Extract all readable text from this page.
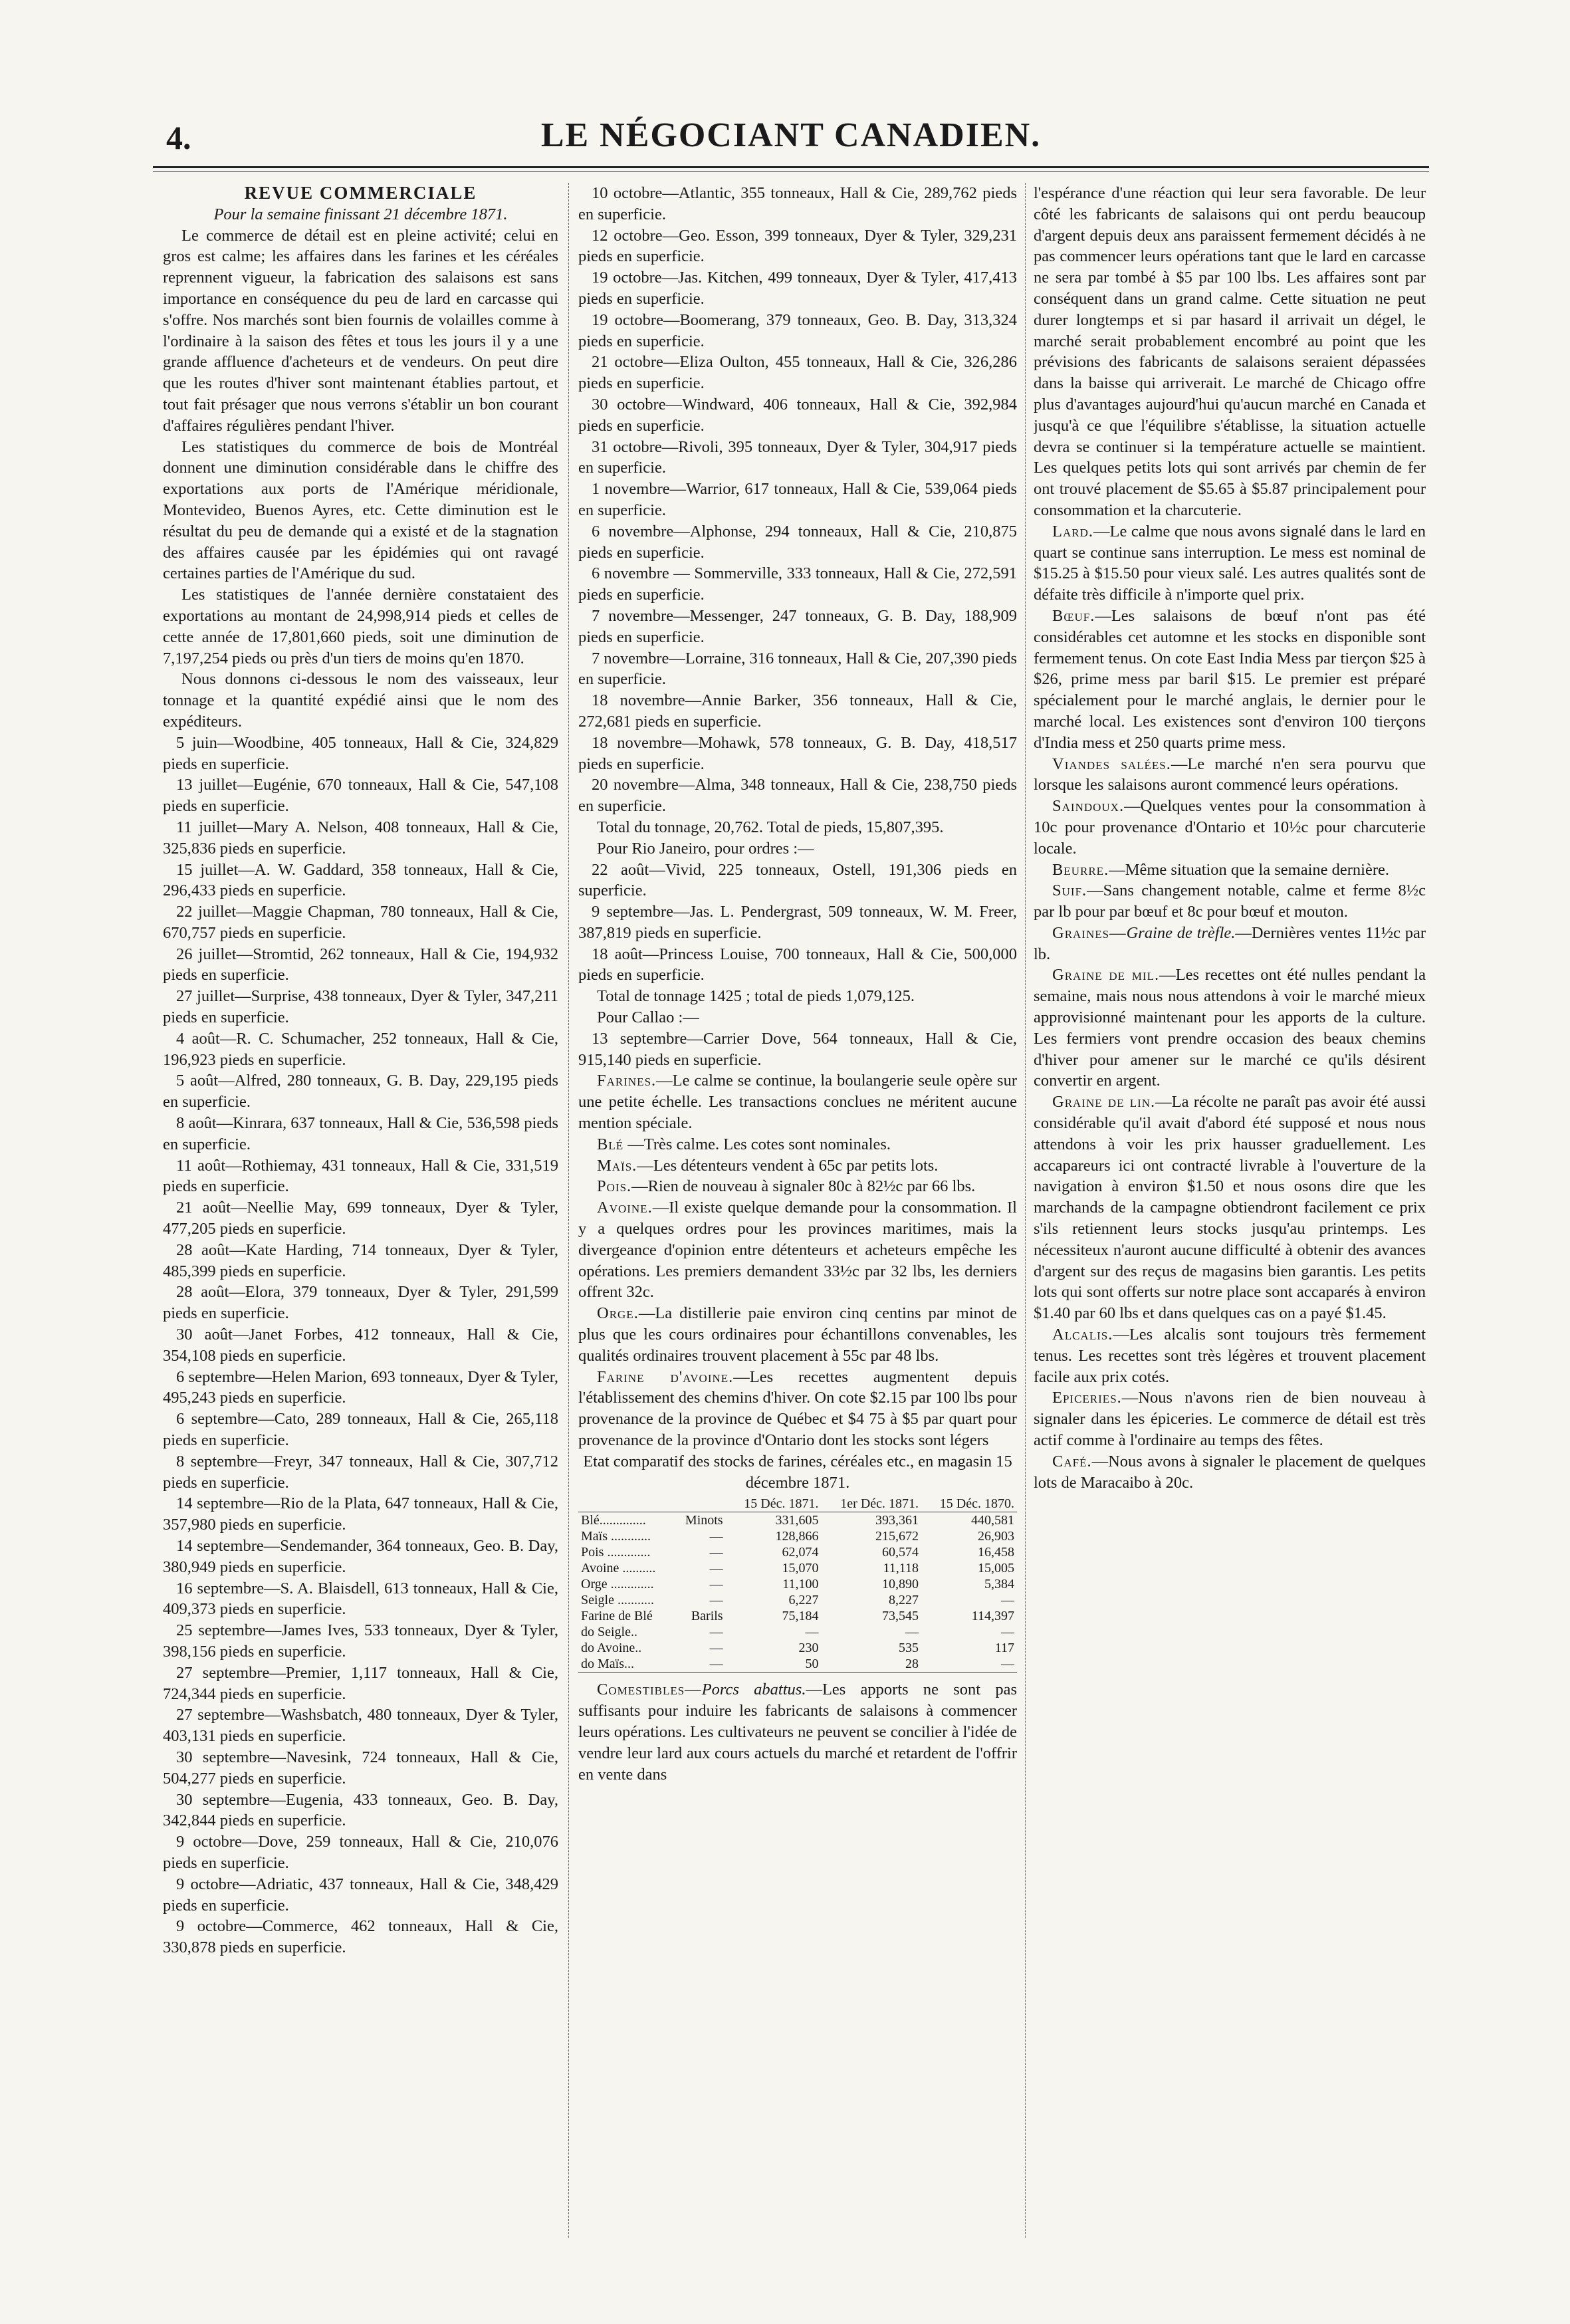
4.	LE NÉGOCIANT CANADIEN.
REVUE COMMERCIALE

Pour la semaine finissant 21 décembre 1871.

Le commerce de détail est en pleine activité; celui en gros est calme; les affaires dans les farines et les céréales reprennent vigueur, la fabrication des salaisons est sans importance en conséquence du peu de lard en carcasse qui s'offre. Nos marchés sont bien fournis de volailles comme à l'ordinaire à la saison des fêtes et tous les jours il y a une grande affluence d'acheteurs et de vendeurs. On peut dire que les routes d'hiver sont maintenant établies partout, et tout fait présager que nous verrons s'établir un bon courant d'affaires régulières pendant l'hiver.

Les statistiques du commerce de bois de Montréal donnent une diminution considérable dans le chiffre des exportations aux ports de l'Amérique méridionale, Montevideo, Buenos Ayres, etc. Cette diminution est le résultat du peu de demande qui a existé et de la stagnation des affaires causée par les épidémies qui ont ravagé certaines parties de l'Amérique du sud.

Les statistiques de l'année dernière constataient des exportations au montant de 24,998,914 pieds et celles de cette année de 17,801,660 pieds, soit une diminution de 7,197,254 pieds ou près d'un tiers de moins qu'en 1870.

Nous donnons ci-dessous le nom des vaisseaux, leur tonnage et la quantité expédié ainsi que le nom des expéditeurs.

5 juin—Woodbine, 405 tonneaux, Hall & Cie, 324,829 pieds en superficie.

13 juillet—Eugénie, 670 tonneaux, Hall & Cie, 547,108 pieds en superficie.

11 juillet—Mary A. Nelson, 408 tonneaux, Hall & Cie, 325,836 pieds en superficie.

15 juillet—A. W. Gaddard, 358 tonneaux, Hall & Cie, 296,433 pieds en superficie.

22 juillet—Maggie Chapman, 780 tonneaux, Hall & Cie, 670,757 pieds en superficie.

26 juillet—Stromtid, 262 tonneaux, Hall & Cie, 194,932 pieds en superficie.

27 juillet—Surprise, 438 tonneaux, Dyer & Tyler, 347,211 pieds en superficie.

4 août—R. C. Schumacher, 252 tonneaux, Hall & Cie, 196,923 pieds en superficie.

5 août—Alfred, 280 tonneaux, G. B. Day, 229,195 pieds en superficie.

8 août—Kinrara, 637 tonneaux, Hall & Cie, 536,598 pieds en superficie.

11 août—Rothiemay, 431 tonneaux, Hall & Cie, 331,519 pieds en superficie.

21 août—Neellie May, 699 tonneaux, Dyer & Tyler, 477,205 pieds en superficie.

28 août—Kate Harding, 714 tonneaux, Dyer & Tyler, 485,399 pieds en superficie.

28 août—Elora, 379 tonneaux, Dyer & Tyler, 291,599 pieds en superficie.

30 août—Janet Forbes, 412 tonneaux, Hall & Cie, 354,108 pieds en superficie.

6 septembre—Helen Marion, 693 tonneaux, Dyer & Tyler, 495,243 pieds en superficie.

6 septembre—Cato, 289 tonneaux, Hall & Cie, 265,118 pieds en superficie.

8 septembre—Freyr, 347 tonneaux, Hall & Cie, 307,712 pieds en superficie.

14 septembre—Rio de la Plata, 647 tonneaux, Hall & Cie, 357,980 pieds en superficie.

14 septembre—Sendemander, 364 tonneaux, Geo. B. Day, 380,949 pieds en superficie.

16 septembre—S. A. Blaisdell, 613 tonneaux, Hall & Cie, 409,373 pieds en superficie.

25 septembre—James Ives, 533 tonneaux, Dyer & Tyler, 398,156 pieds en superficie.

27 septembre—Premier, 1,117 tonneaux, Hall & Cie, 724,344 pieds en superficie.

27 septembre—Washsbatch, 480 tonneaux, Dyer & Tyler, 403,131 pieds en superficie.

30 septembre—Navesink, 724 tonneaux, Hall & Cie, 504,277 pieds en superficie.

30 septembre—Eugenia, 433 tonneaux, Geo. B. Day, 342,844 pieds en superficie.

9 octobre—Dove, 259 tonneaux, Hall & Cie, 210,076 pieds en superficie.

9 octobre—Adriatic, 437 tonneaux, Hall & Cie, 348,429 pieds en superficie.

9 octobre—Commerce, 462 tonneaux, Hall & Cie, 330,878 pieds en superficie.

10 octobre—Atlantic, 355 tonneaux, Hall & Cie, 289,762 pieds en superficie.

12 octobre—Geo. Esson, 399 tonneaux, Dyer & Tyler, 329,231 pieds en superficie.

19 octobre—Jas. Kitchen, 499 tonneaux, Dyer & Tyler, 417,413 pieds en superficie.

19 octobre—Boomerang, 379 tonneaux, Geo. B. Day, 313,324 pieds en superficie.

21 octobre—Eliza Oulton, 455 tonneaux, Hall & Cie, 326,286 pieds en superficie.

30 octobre—Windward, 406 tonneaux, Hall & Cie, 392,984 pieds en superficie.

31 octobre—Rivoli, 395 tonneaux, Dyer & Tyler, 304,917 pieds en superficie.

1 novembre—Warrior, 617 tonneaux, Hall & Cie, 539,064 pieds en superficie.

6 novembre—Alphonse, 294 tonneaux, Hall & Cie, 210,875 pieds en superficie.

6 novembre — Sommerville, 333 tonneaux, Hall & Cie, 272,591 pieds en superficie.

7 novembre—Messenger, 247 tonneaux, G. B. Day, 188,909 pieds en superficie.

7 novembre—Lorraine, 316 tonneaux, Hall & Cie, 207,390 pieds en superficie.

18 novembre—Annie Barker, 356 tonneaux, Hall & Cie, 272,681 pieds en superficie.

18 novembre—Mohawk, 578 tonneaux, G. B. Day, 418,517 pieds en superficie.

20 novembre—Alma, 348 tonneaux, Hall & Cie, 238,750 pieds en superficie.

Total du tonnage, 20,762. Total de pieds, 15,807,395.

Pour Rio Janeiro, pour ordres :—

22 août—Vivid, 225 tonneaux, Ostell, 191,306 pieds en superficie.

9 septembre—Jas. L. Pendergrast, 509 tonneaux, W. M. Freer, 387,819 pieds en superficie.

18 août—Princess Louise, 700 tonneaux, Hall & Cie, 500,000 pieds en superficie.

Total de tonnage 1425 ; total de pieds 1,079,125.

Pour Callao :—

13 septembre—Carrier Dove, 564 tonneaux, Hall & Cie, 915,140 pieds en superficie.

Farines.—Le calme se continue, la boulangerie seule opère sur une petite échelle. Les transactions conclues ne méritent aucune mention spéciale.

Blé —Très calme. Les cotes sont nominales.

Maïs.—Les détenteurs vendent à 65c par petits lots.

Pois.—Rien de nouveau à signaler 80c à 82½c par 66 lbs.

Avoine.—Il existe quelque demande pour la consommation. Il y a quelques ordres pour les provinces maritimes, mais la divergeance d'opinion entre détenteurs et acheteurs empêche les opérations. Les premiers demandent 33½c par 32 lbs, les derniers offrent 32c.

Orge.—La distillerie paie environ cinq centins par minot de plus que les cours ordinaires pour échantillons convenables, les qualités ordinaires trouvent placement à 55c par 48 lbs.

Farine d'avoine.—Les recettes augmentent depuis l'établissement des chemins d'hiver. On cote $2.15 par 100 lbs pour provenance de la province de Québec et $4 75 à $5 par quart pour provenance de la province d'Ontario dont les stocks sont légers

Etat comparatif des stocks de farines, céréales etc., en magasin 15 décembre 1871.

		15 Déc. 1871.	1er Déc. 1871.	15 Déc. 1870.
Blé..............	Minots	331,605	393,361	440,581
Maïs ............	—	128,866	215,672	26,903
Pois .............	—	62,074	60,574	16,458
Avoine ..........	—	15,070	11,118	15,005
Orge .............	—	11,100	10,890	5,384
Seigle ...........	—	6,227	8,227	—
Farine de Blé	Barils	75,184	73,545	114,397
do Seigle..	—	—	—	—
do Avoine..	—	230	535	117
do Maïs...	—	50	28	—

Comestibles—Porcs abattus.—Les apports ne sont pas suffisants pour induire les fabricants de salaisons à commencer leurs opérations. Les cultivateurs ne peuvent se concilier à l'idée de vendre leur lard aux cours actuels du marché et retardent de l'offrir en vente dans

l'espérance d'une réaction qui leur sera favorable. De leur côté les fabricants de salaisons qui ont perdu beaucoup d'argent depuis deux ans paraissent fermement décidés à ne pas commencer leurs opérations tant que le lard en carcasse ne sera par tombé à $5 par 100 lbs. Les affaires sont par conséquent dans un grand calme. Cette situation ne peut durer longtemps et si par hasard il arrivait un dégel, le marché serait probablement encombré au point que les prévisions des fabricants de salaisons seraient dépassées dans la baisse qui arriverait. Le marché de Chicago offre plus d'avantages aujourd'hui qu'aucun marché en Canada et jusqu'à ce que l'équilibre s'établisse, la situation actuelle devra se continuer si la température actuelle se maintient. Les quelques petits lots qui sont arrivés par chemin de fer ont trouvé placement de $5.65 à $5.87 principalement pour consommation et la charcuterie.

Lard.—Le calme que nous avons signalé dans le lard en quart se continue sans interruption. Le mess est nominal de $15.25 à $15.50 pour vieux salé. Les autres qualités sont de défaite très difficile à n'importe quel prix.

Bœuf.—Les salaisons de bœuf n'ont pas été considérables cet automne et les stocks en disponible sont fermement tenus. On cote East India Mess par tierçon $25 à $26, prime mess par baril $15. Le premier est préparé spécialement pour le marché anglais, le dernier pour le marché local. Les existences sont d'environ 100 tierçons d'India mess et 250 quarts prime mess.

Viandes salées.—Le marché n'en sera pourvu que lorsque les salaisons auront commencé leurs opérations.

Saindoux.—Quelques ventes pour la consommation à 10c pour provenance d'Ontario et 10½c pour charcuterie locale.

Beurre.—Même situation que la semaine dernière.

Suif.—Sans changement notable, calme et ferme 8½c par lb pour par bœuf et 8c pour bœuf et mouton.

Graines—Graine de trèfle.—Dernières ventes 11½c par lb.

Graine de mil.—Les recettes ont été nulles pendant la semaine, mais nous nous attendons à voir le marché mieux approvisionné maintenant pour les apports de la culture. Les fermiers vont prendre occasion des beaux chemins d'hiver pour amener sur le marché ce qu'ils désirent convertir en argent.

Graine de lin.—La récolte ne paraît pas avoir été aussi considérable qu'il avait d'abord été supposé et nous nous attendons à voir les prix hausser graduellement. Les accapareurs ici ont contracté livrable à l'ouverture de la navigation à environ $1.50 et nous osons dire que les marchands de la campagne obtiendront facilement ce prix s'ils retiennent leurs stocks jusqu'au printemps. Les nécessiteux n'auront aucune difficulté à obtenir des avances d'argent sur des reçus de magasins bien garantis. Les petits lots qui sont offerts sur notre place sont accaparés à environ $1.40 par 60 lbs et dans quelques cas on a payé $1.45.

Alcalis.—Les alcalis sont toujours très fermement tenus. Les recettes sont très légères et trouvent placement facile aux prix cotés.

Epiceries.—Nous n'avons rien de bien nouveau à signaler dans les épiceries. Le commerce de détail est très actif comme à l'ordinaire au temps des fêtes.

Café.—Nous avons à signaler le placement de quelques lots de Maracaibo à 20c.
